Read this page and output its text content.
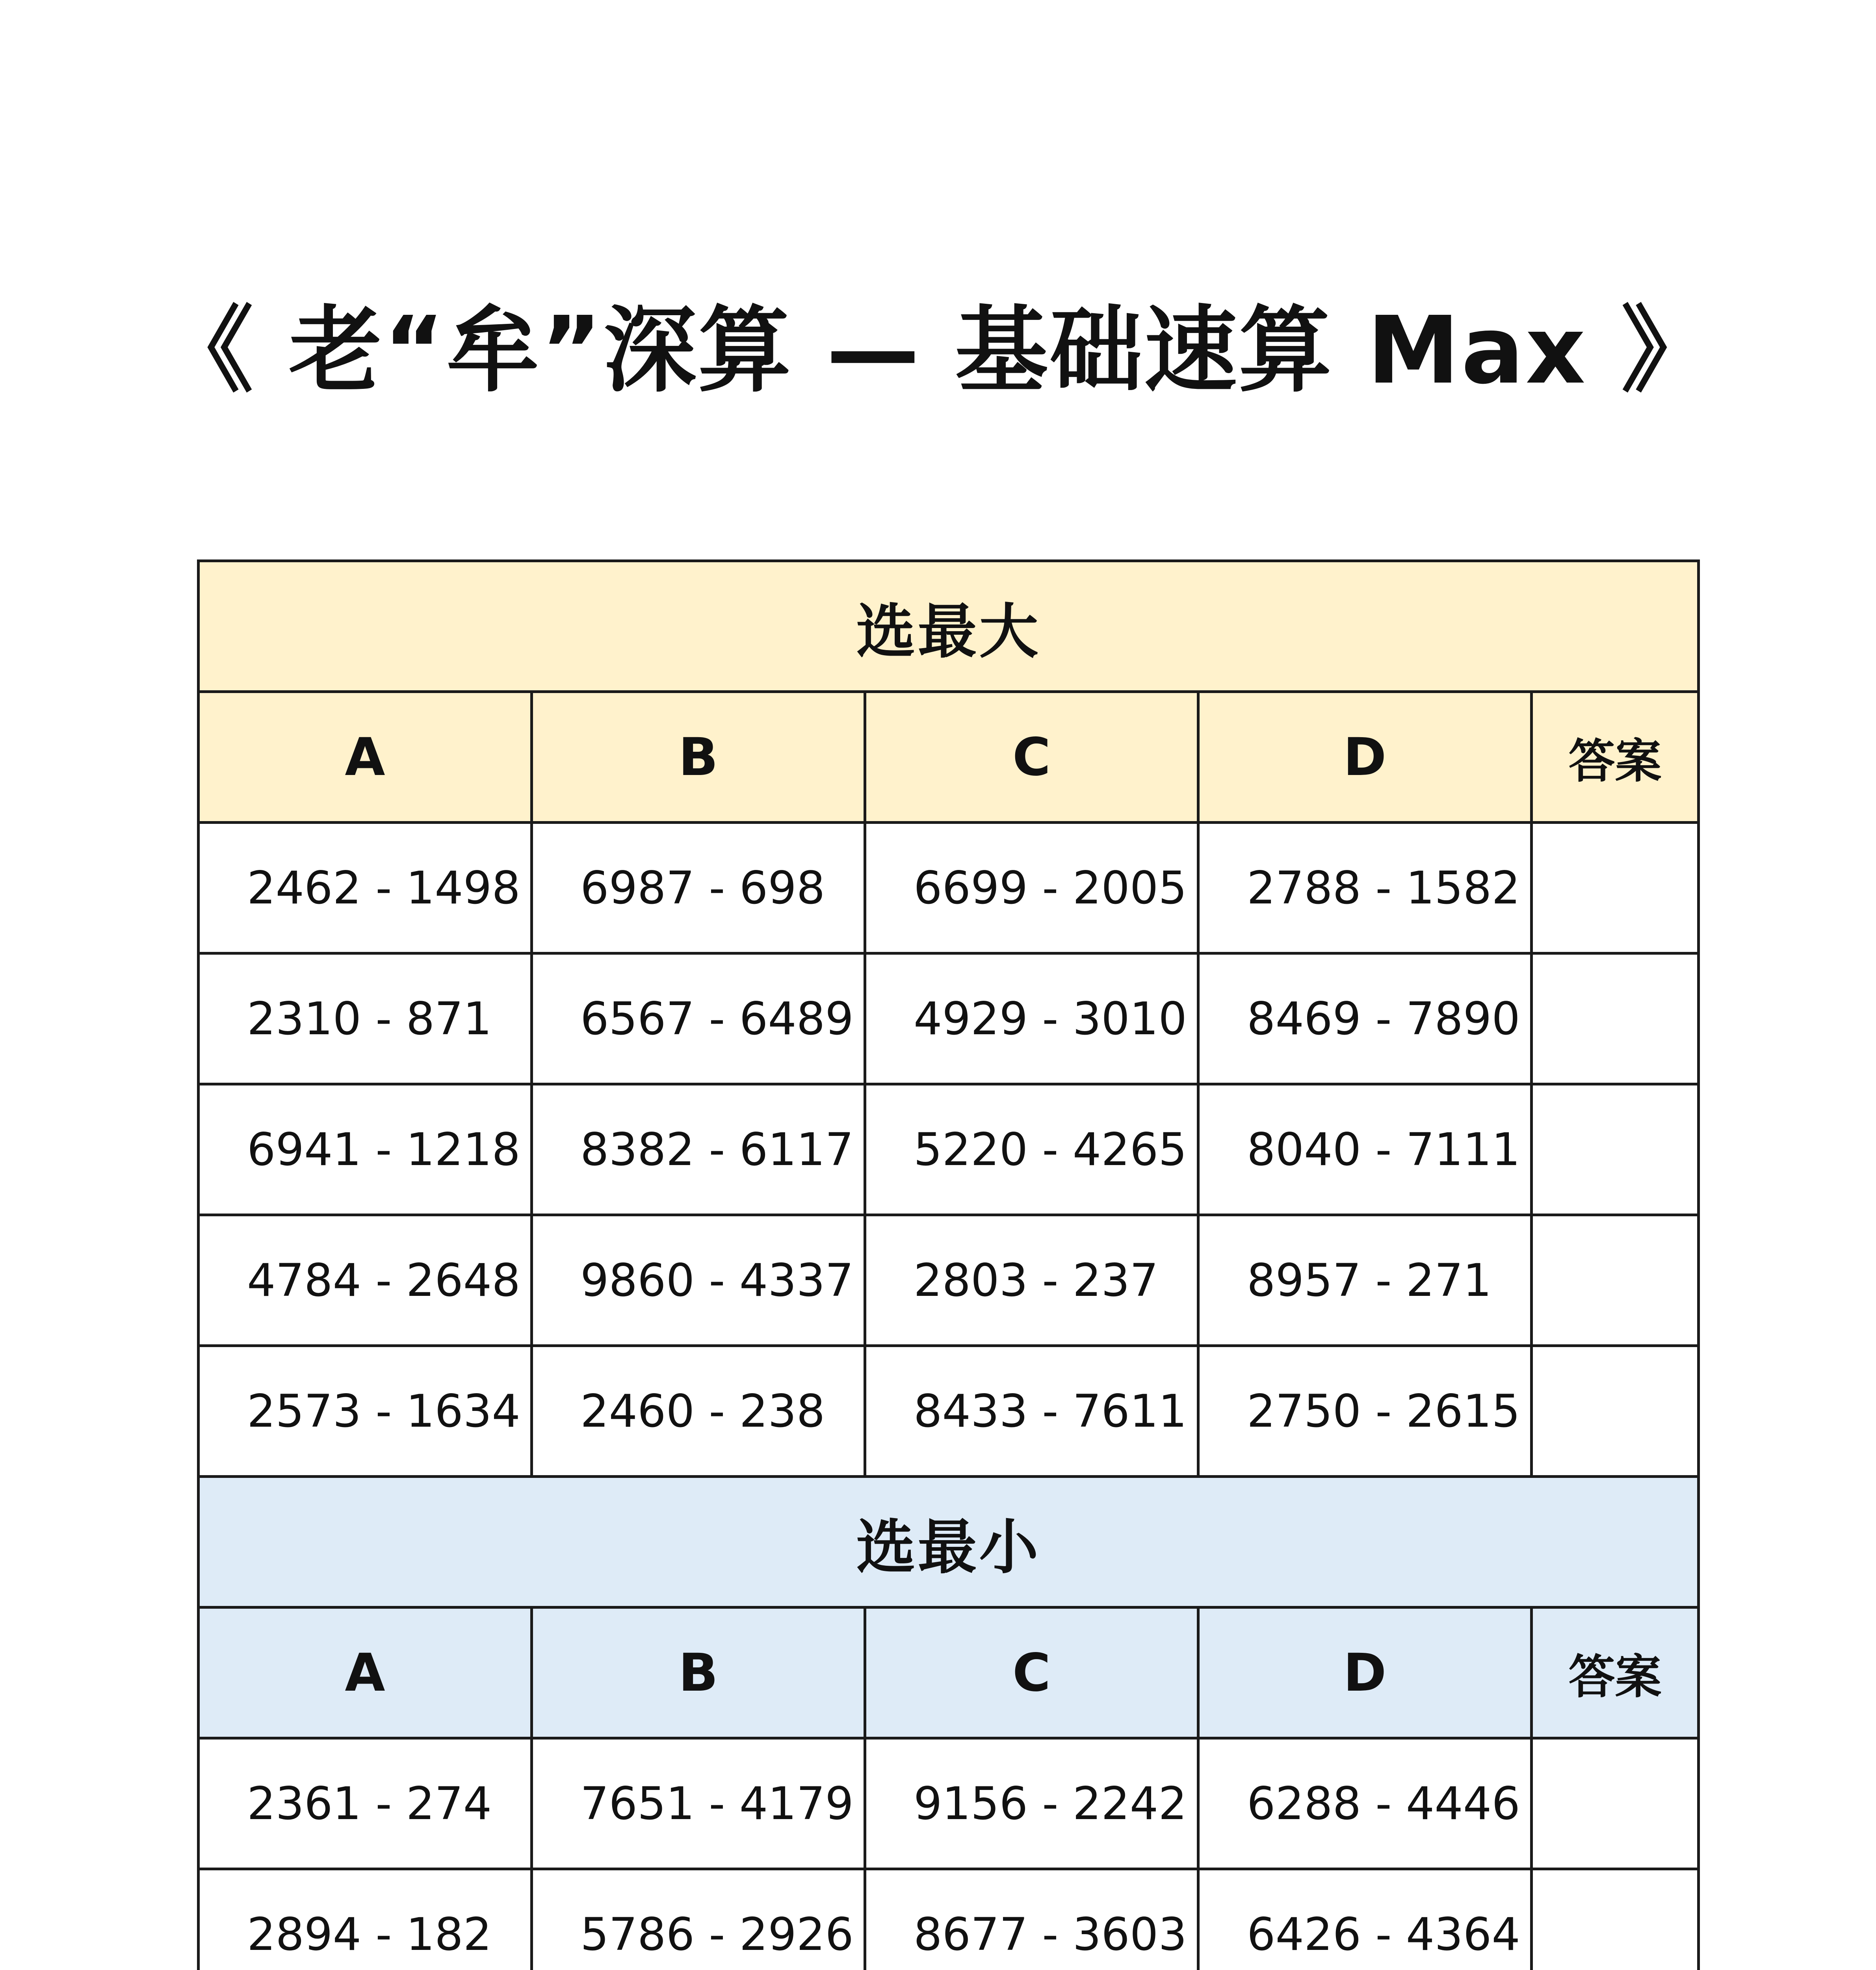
《 老“牟”深算 — 基础速算 Max 》
选最大				
A	B	C	D	答案
2462 - 1498	6987 - 698	6699 - 2005	2788 - 1582	
2310 - 871	6567 - 6489	4929 - 3010	8469 - 7890	
6941 - 1218	8382 - 6117	5220 - 4265	8040 - 7111	
4784 - 2648	9860 - 4337	2803 - 237	8957 - 271	
2573 - 1634	2460 - 238	8433 - 7611	2750 - 2615	
选最小				
A	B	C	D	答案
2361 - 274	7651 - 4179	9156 - 2242	6288 - 4446	
2894 - 182	5786 - 2926	8677 - 3603	6426 - 4364	
